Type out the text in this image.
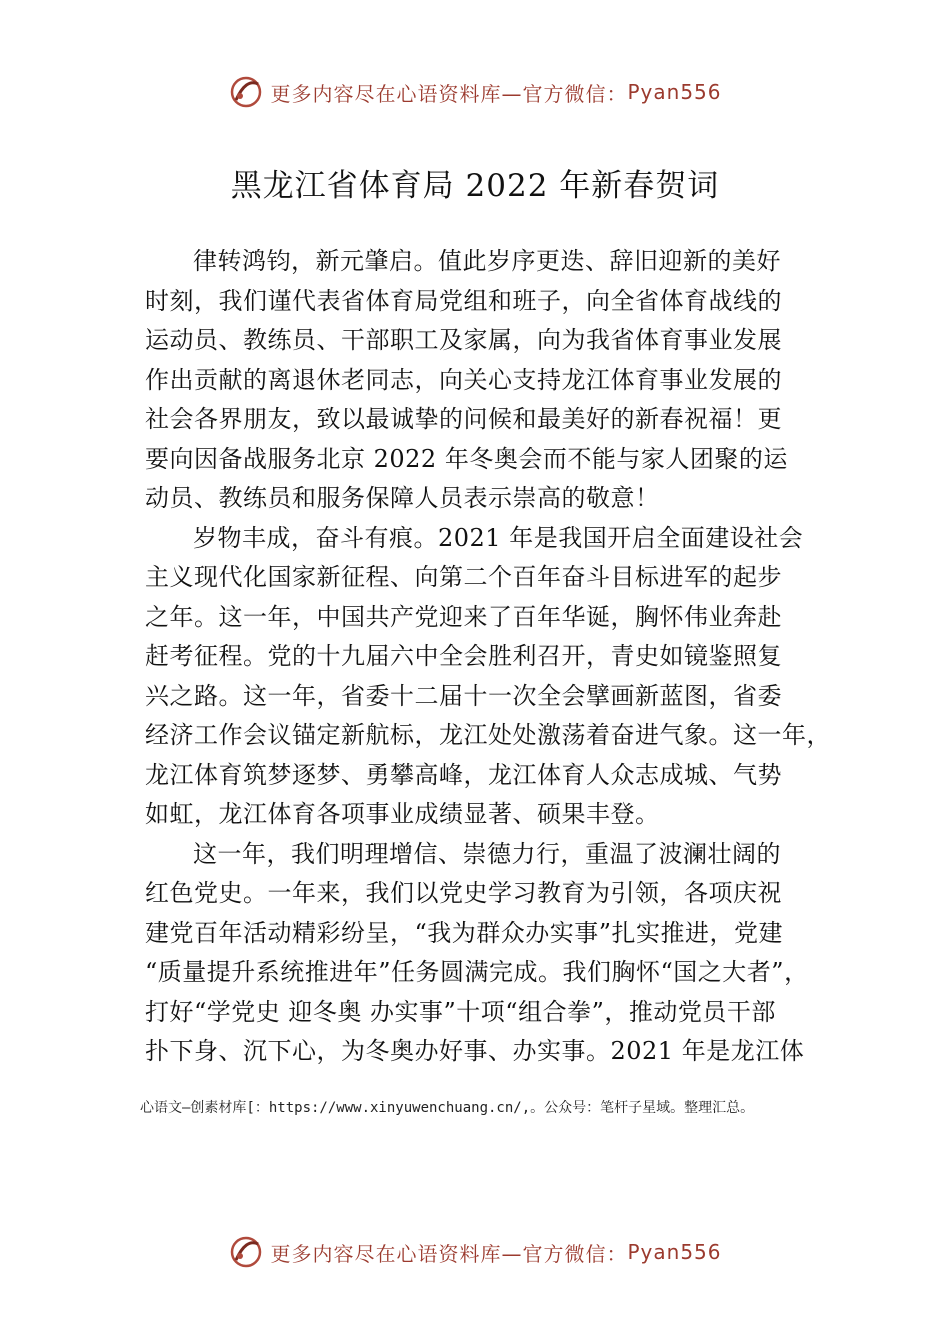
更多内容尽在心语资料库—官方微信： Pyan556
黑龙江省体育局 2022 年新春贺词
律转鸿钧，新元肇启。值此岁序更迭、辞旧迎新的美好
时刻，我们谨代表省体育局党组和班子，向全省体育战线的
运动员、教练员、干部职工及家属，向为我省体育事业发展
作出贡献的离退休老同志，向关心支持龙江体育事业发展的
社会各界朋友，致以最诚挚的问候和最美好的新春祝福！更
要向因备战服务北京 2022 年冬奥会而不能与家人团聚的运
动员、教练员和服务保障人员表示崇高的敬意！
岁物丰成，奋斗有痕。2021 年是我国开启全面建设社会
主义现代化国家新征程、向第二个百年奋斗目标进军的起步
之年。这一年，中国共产党迎来了百年华诞，胸怀伟业奔赴
赶考征程。党的十九届六中全会胜利召开，青史如镜鉴照复
兴之路。这一年，省委十二届十一次全会擘画新蓝图，省委
经济工作会议锚定新航标，龙江处处激荡着奋进气象。这一年，
龙江体育筑梦逐梦、勇攀高峰，龙江体育人众志成城、气势
如虹，龙江体育各项事业成绩显著、硕果丰登。
这一年，我们明理增信、崇德力行，重温了波澜壮阔的
红色党史。一年来，我们以党史学习教育为引领，各项庆祝
建党百年活动精彩纷呈，“我为群众办实事”扎实推进，党建
“质量提升系统推进年”任务圆满完成。我们胸怀“国之大者”，
打好“学党史 迎冬奥 办实事”十项“组合拳”，推动党员干部
扑下身、沉下心，为冬奥办好事、办实事。2021 年是龙江体
心语文—创素材库[：https://www.xinyuwenchuang.cn/,。公众号：笔杆子星域。整理汇总。
更多内容尽在心语资料库—官方微信： Pyan556
